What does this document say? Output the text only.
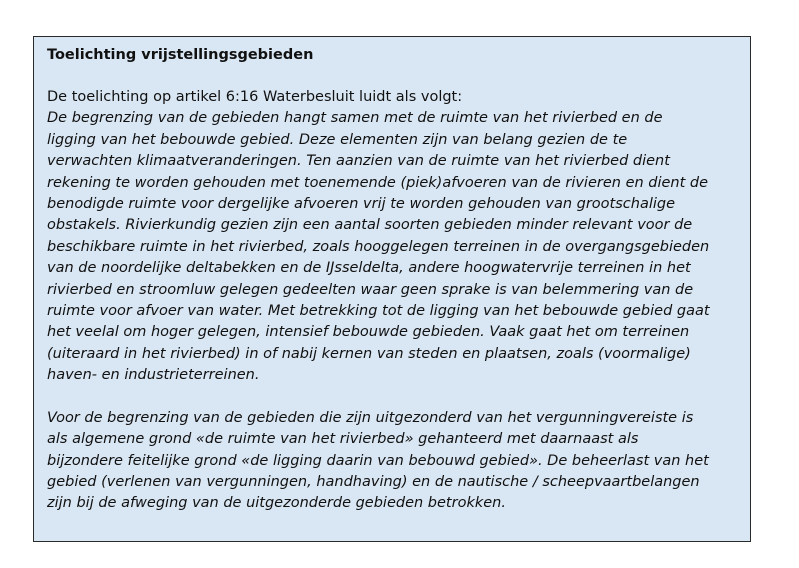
Toelichting vrijstellingsgebieden
De toelichting op artikel 6:16 Waterbesluit luidt als volgt:

De begrenzing van de gebieden hangt samen met de ruimte van het rivierbed en de
ligging van het bebouwde gebied. Deze elementen zijn van belang gezien de te
verwachten klimaatveranderingen. Ten aanzien van de ruimte van het rivierbed dient
rekening te worden gehouden met toenemende (piek)afvoeren van de rivieren en dient de
benodigde ruimte voor dergelijke afvoeren vrij te worden gehouden van grootschalige
obstakels. Rivierkundig gezien zijn een aantal soorten gebieden minder relevant voor de
beschikbare ruimte in het rivierbed, zoals hooggelegen terreinen in de overgangsgebieden
van de noordelijke deltabekken en de IJsseldelta, andere hoogwatervrije terreinen in het
rivierbed en stroomluw gelegen gedeelten waar geen sprake is van belemmering van de
ruimte voor afvoer van water. Met betrekking tot de ligging van het bebouwde gebied gaat
het veelal om hoger gelegen, intensief bebouwde gebieden. Vaak gaat het om terreinen
(uiteraard in het rivierbed) in of nabij kernen van steden en plaatsen, zoals (voormalige)
haven- en industrieterreinen.

Voor de begrenzing van de gebieden die zijn uitgezonderd van het vergunningvereiste is
als algemene grond «de ruimte van het rivierbed» gehanteerd met daarnaast als
bijzondere feitelijke grond «de ligging daarin van bebouwd gebied». De beheerlast van het
gebied (verlenen van vergunningen, handhaving) en de nautische / scheepvaartbelangen
zijn bij de afweging van de uitgezonderde gebieden betrokken.
